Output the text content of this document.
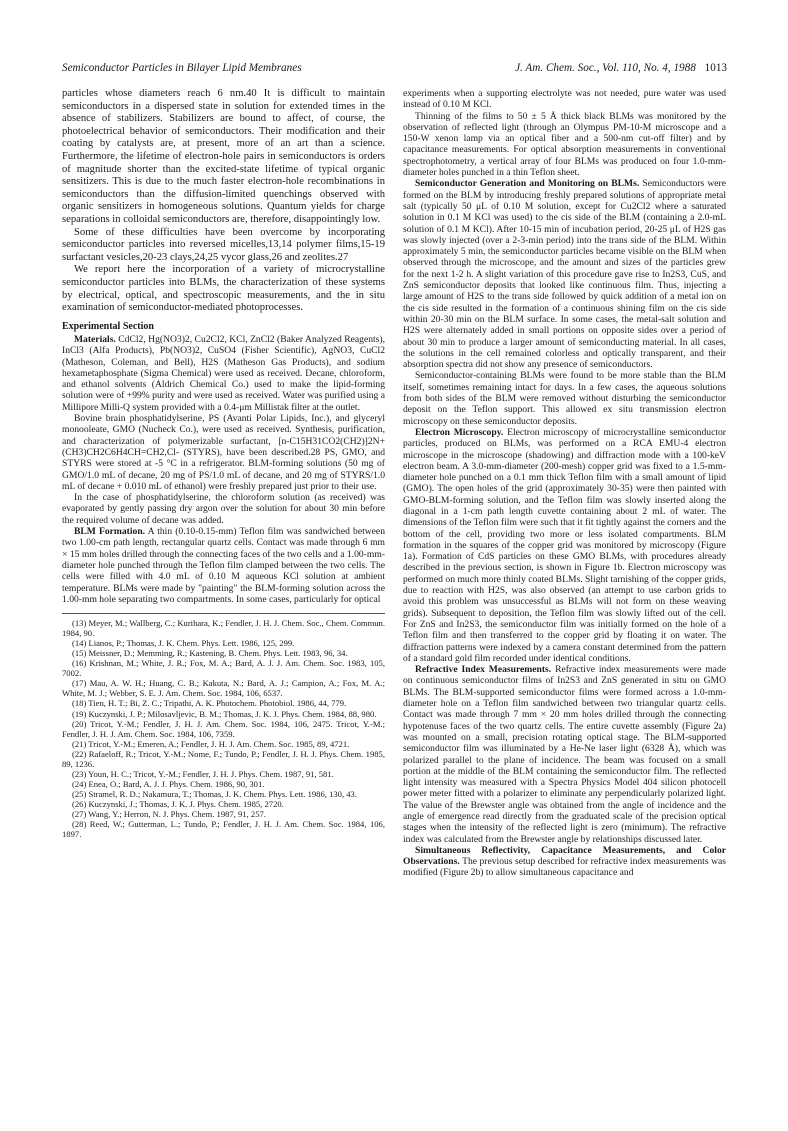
Semiconductor Particles in Bilayer Lipid Membranes	J. Am. Chem. Soc., Vol. 110, No. 4, 1988 1013

particles whose diameters reach 6 nm.40 It is difficult to maintain semiconductors in a dispersed state in solution for extended times in the absence of stabilizers. Stabilizers are bound to affect, of course, the photoelectrical behavior of semiconductors. Their modification and their coating by catalysts are, at present, more of an art than a science. Furthermore, the lifetime of electron-hole pairs in semiconductors is orders of magnitude shorter than the excited-state lifetime of typical organic sensitizers. This is due to the much faster electron-hole recombinations in semiconductors than the diffusion-limited quenchings observed with organic sensitizers in homogeneous solutions. Quantum yields for charge separations in colloidal semiconductors are, therefore, disappointingly low.

Some of these difficulties have been overcome by incorporating semiconductor particles into reversed micelles,13,14 polymer films,15-19 surfactant vesicles,20-23 clays,24,25 vycor glass,26 and zeolites.27

We report here the incorporation of a variety of microcrystalline semiconductor particles into BLMs, the characterization of these systems by electrical, optical, and spectroscopic measurements, and the in situ examination of semiconductor-mediated photoprocesses.

Experimental Section

Materials. CdCl2, Hg(NO3)2, Cu2Cl2, KCl, ZnCl2 (Baker Analyzed Reagents), InCl3 (Alfa Products), Pb(NO3)2, CuSO4 (Fisher Scientific), AgNO3, CuCl2 (Matheson, Coleman, and Bell), H2S (Matheson Gas Products), and sodium hexametaphosphate (Sigma Chemical) were used as received. Decane, chloroform, and ethanol solvents (Aldrich Chemical Co.) used to make the lipid-forming solution were of +99% purity and were used as received. Water was purified using a Millipore Milli-Q system provided with a 0.4-μm Millistak filter at the outlet.

Bovine brain phosphatidylserine, PS (Avanti Polar Lipids, Inc.), and glyceryl monooleate, GMO (Nucheck Co.), were used as received. Synthesis, purification, and characterization of polymerizable surfactant, [n-C15H31CO2(CH2)]2N+(CH3)CH2C6H4CH=CH2,Cl- (STYRS), have been described.28 PS, GMO, and STYRS were stored at -5 °C in a refrigerator. BLM-forming solutions (50 mg of GMO/1.0 mL of decane, 20 mg of PS/1.0 mL of decane, and 20 mg of STYRS/1.0 mL of decane + 0.010 mL of ethanol) were freshly prepared just prior to their use.

In the case of phosphatidylserine, the chloroform solution (as received) was evaporated by gently passing dry argon over the solution for about 30 min before the required volume of decane was added.

BLM Formation. A thin (0.10-0.15-mm) Teflon film was sandwiched between two 1.00-cm path length, rectangular quartz cells. Contact was made through 6 mm × 15 mm holes drilled through the connecting faces of the two cells and a 1.00-mm-diameter hole punched through the Teflon film clamped between the two cells. The cells were filled with 4.0 mL of 0.10 M aqueous KCl solution at ambient temperature. BLMs were made by "painting" the BLM-forming solution across the 1.00-mm hole separating two compartments. In some cases, particularly for optical

(13) Meyer, M.; Wallberg, C.; Kurihara, K.; Fendler, J. H. J. Chem. Soc., Chem. Commun. 1984, 90.
(14) Lianos, P.; Thomas, J. K. Chem. Phys. Lett. 1986, 125, 299.
(15) Meissner, D.; Memming, R.; Kastening, B. Chem. Phys. Lett. 1983, 96, 34.
(16) Krishnan, M.; White, J. R.; Fox, M. A.; Bard, A. J. J. Am. Chem. Soc. 1983, 105, 7002.
(17) Mau, A. W. H.; Huang, C. B.; Kakuta, N.; Bard, A. J.; Campion, A.; Fox, M. A.; White, M. J.; Webber, S. E. J. Am. Chem. Soc. 1984, 106, 6537.
(18) Tien, H. T.; Bi, Z. C.; Tripathi, A. K. Photochem. Photobiol. 1986, 44, 779.
(19) Kuczynski, J. P.; Milosavljevic, B. M.; Thomas, J. K. J. Phys. Chem. 1984, 88, 980.
(20) Tricot, Y.-M.; Fendler, J. H. J. Am. Chem. Soc. 1984, 106, 2475. Tricot, Y.-M.; Fendler, J. H. J. Am. Chem. Soc. 1984, 106, 7359.
(21) Tricot, Y.-M.; Emeren, A.; Fendler, J. H. J. Am. Chem. Soc. 1985, 89, 4721.
(22) Rafaeloff, R.; Tricot, Y.-M.; Nome, F.; Tundo, P.; Fendler, J. H. J. Phys. Chem. 1985, 89, 1236.
(23) Youn, H. C.; Tricot, Y.-M.; Fendler, J. H. J. Phys. Chem. 1987, 91, 581.
(24) Enea, O.; Bard, A. J. J. Phys. Chem. 1986, 90, 301.
(25) Stramel, R. D.; Nakamura, T.; Thomas, J. K. Chem. Phys. Lett. 1986, 130, 43.
(26) Kuczynski, J.; Thomas, J. K. J. Phys. Chem. 1985, 2720.
(27) Wang, Y.; Herron, N. J. Phys. Chem. 1987, 91, 257.
(28) Reed, W.; Gutterman, L.; Tundo, P.; Fendler, J. H. J. Am. Chem. Soc. 1984, 106, 1897.

experiments when a supporting electrolyte was not needed, pure water was used instead of 0.10 M KCl.

Thinning of the films to 50 ± 5 Å thick black BLMs was monitored by the observation of reflected light (through an Olympus PM-10-M microscope and a 150-W xenon lamp via an optical fiber and a 500-nm cut-off filter) and by capacitance measurements. For optical absorption measurements in conventional spectrophotometry, a vertical array of four BLMs was produced on four 1.0-mm-diameter holes punched in a thin Teflon sheet.

Semiconductor Generation and Monitoring on BLMs. Semiconductors were formed on the BLM by introducing freshly prepared solutions of appropriate metal salt (typically 50 μL of 0.10 M solution, except for Cu2Cl2 where a saturated solution in 0.1 M KCl was used) to the cis side of the BLM (containing a 2.0-mL solution of 0.1 M KCl). After 10-15 min of incubation period, 20-25 μL of H2S gas was slowly injected (over a 2-3-min period) into the trans side of the BLM. Within approximately 5 min, the semiconductor particles became visible on the BLM when observed through the microscope, and the amount and sizes of the particles grew for the next 1-2 h. A slight variation of this procedure gave rise to In2S3, CuS, and ZnS semiconductor deposits that looked like continuous film. Thus, injecting a large amount of H2S to the trans side followed by quick addition of a metal ion on the cis side resulted in the formation of a continuous shining film on the cis side within 20-30 min on the BLM surface. In some cases, the metal-salt solution and H2S were alternately added in small portions on opposite sides over a period of about 30 min to produce a larger amount of semiconducting material. In all cases, the solutions in the cell remained colorless and optically transparent, and their absorption spectra did not show any presence of semiconductors.

Semiconductor-containing BLMs were found to be more stable than the BLM itself, sometimes remaining intact for days. In a few cases, the aqueous solutions from both sides of the BLM were removed without disturbing the semiconductor deposit on the Teflon support. This allowed ex situ transmission electron microscopy on these semiconductor deposits.

Electron Microscopy. Electron microscopy of microcrystalline semiconductor particles, produced on BLMs, was performed on a RCA EMU-4 electron microscope in the microscope (shadowing) and diffraction mode with a 100-keV electron beam. A 3.0-mm-diameter (200-mesh) copper grid was fixed to a 1.5-mm-diameter hole punched on a 0.1 mm thick Teflon film with a small amount of lipid (GMO). The open holes of the grid (approximately 30-35) were then painted with GMO-BLM-forming solution, and the Teflon film was slowly inserted along the diagonal in a 1-cm path length cuvette containing about 2 mL of water. The dimensions of the Teflon film were such that it fit tightly against the corners and the bottom of the cell, providing two more or less isolated compartments. BLM formation in the squares of the copper grid was monitored by microscopy (Figure 1a). Formation of CdS particles on these GMO BLMs, with procedures already described in the previous section, is shown in Figure 1b. Electron microscopy was performed on much more thinly coated BLMs. Slight tarnishing of the copper grids, due to reaction with H2S, was also observed (an attempt to use carbon grids to avoid this problem was unsuccessful as BLMs will not form on these weaving grids). Subsequent to deposition, the Teflon film was slowly lifted out of the cell. For ZnS and In2S3, the semiconductor film was initially formed on the hole of a Teflon film and then transferred to the copper grid by floating it on water. The diffraction patterns were indexed by a camera constant determined from the pattern of a standard gold film recorded under identical conditions.

Refractive Index Measurements. Refractive index measurements were made on continuous semiconductor films of In2S3 and ZnS generated in situ on GMO BLMs. The BLM-supported semiconductor films were formed across a 1.0-mm-diameter hole on a Teflon film sandwiched between two triangular quartz cells. Contact was made through 7 mm × 20 mm holes drilled through the connecting hypotenuse faces of the two quartz cells. The entire cuvette assembly (Figure 2a) was mounted on a small, precision rotating optical stage. The BLM-supported semiconductor film was illuminated by a He-Ne laser light (6328 Å), which was polarized parallel to the plane of incidence. The beam was focused on a small portion at the middle of the BLM containing the semiconductor film. The reflected light intensity was measured with a Spectra Physics Model 404 silicon photocell power meter fitted with a polarizer to eliminate any perpendicularly polarized light. The value of the Brewster angle was obtained from the angle of incidence and the angle of emergence read directly from the graduated scale of the precision optical stages when the intensity of the reflected light is zero (minimum). The refractive index was calculated from the Brewster angle by relationships discussed later.

Simultaneous Reflectivity, Capacitance Measurements, and Color Observations. The previous setup described for refractive index measurements was modified (Figure 2b) to allow simultaneous capacitance and
